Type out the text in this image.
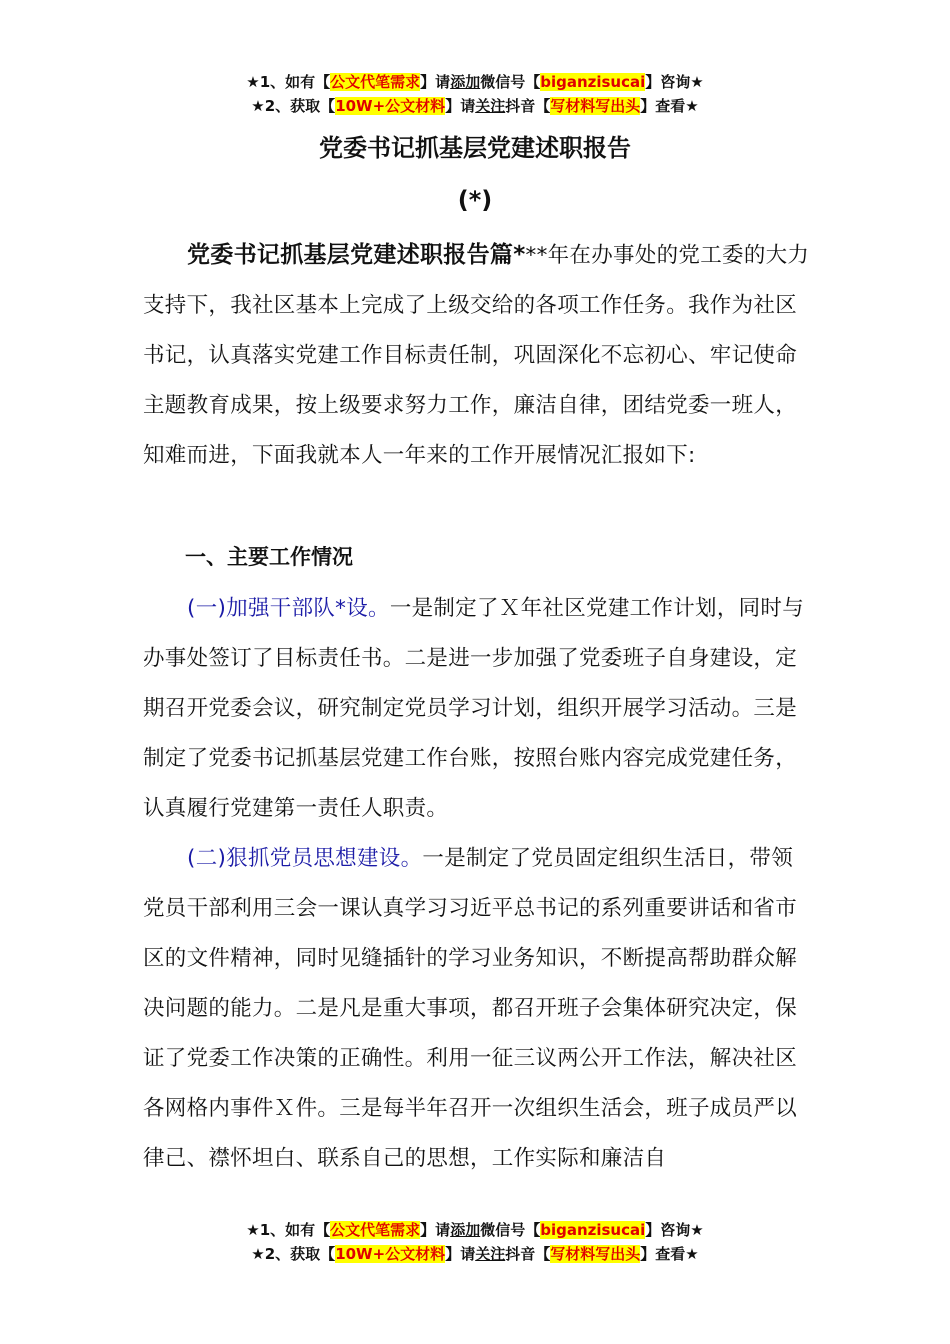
★1、如有【公文代笔需求】请添加微信号【biganzisucai】咨询★
★2、获取【10W+公文材料】请关注抖音【写材料写出头】查看★
党委书记抓基层党建述职报告
(*)

党委书记抓基层党建述职报告篇***年在办事处的党工委的大力支持下，我社区基本上完成了上级交给的各项工作任务。我作为社区书记，认真落实党建工作目标责任制，巩固深化不忘初心、牢记使命主题教育成果，按上级要求努力工作，廉洁自律，团结党委一班人，知难而进，下面我就本人一年来的工作开展情况汇报如下:

一、主要工作情况

(一)加强干部队*设。一是制定了Ｘ年社区党建工作计划，同时与办事处签订了目标责任书。二是进一步加强了党委班子自身建设，定期召开党委会议，研究制定党员学习计划，组织开展学习活动。三是制定了党委书记抓基层党建工作台账，按照台账内容完成党建任务，认真履行党建第一责任人职责。

(二)狠抓党员思想建设。一是制定了党员固定组织生活日，带领党员干部利用三会一课认真学习习近平总书记的系列重要讲话和省市区的文件精神，同时见缝插针的学习业务知识，不断提高帮助群众解决问题的能力。二是凡是重大事项，都召开班子会集体研究决定，保证了党委工作决策的正确性。利用一征三议两公开工作法，解决社区各网格内事件Ｘ件。三是每半年召开一次组织生活会，班子成员严以律己、襟怀坦白、联系自己的思想，工作实际和廉洁自

★1、如有【公文代笔需求】请添加微信号【biganzisucai】咨询★
★2、获取【10W+公文材料】请关注抖音【写材料写出头】查看★
